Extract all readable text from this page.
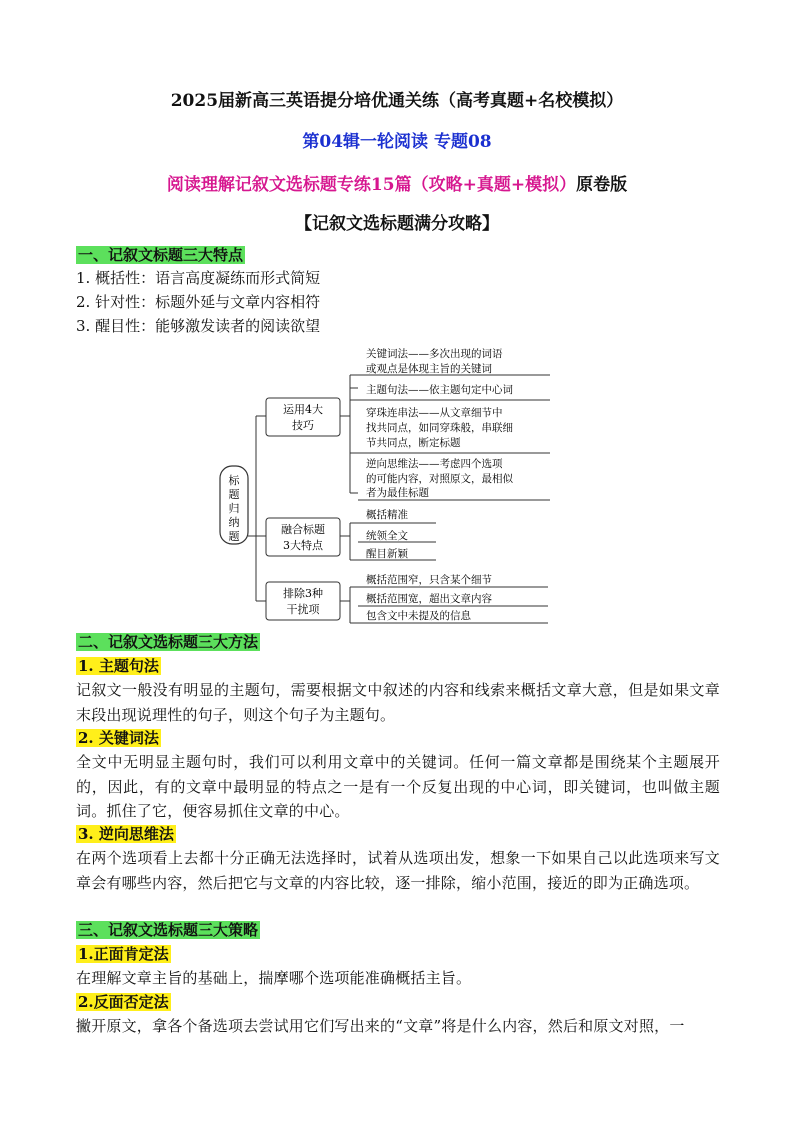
2025届新高三英语提分培优通关练（高考真题+名校模拟）
第04辑一轮阅读 专题08
阅读理解记叙文选标题专练15篇（攻略+真题+模拟）原卷版
【记叙文选标题满分攻略】
一、记叙文标题三大特点
1. 概括性：语言高度凝练而形式简短
2. 针对性：标题外延与文章内容相符
3. 醒目性：能够激发读者的阅读欲望
标
题
归
纳
题
运用4大
技巧
关键词法——多次出现的词语
或观点是体现主旨的关键词
主题句法——依主题句定中心词
穿珠连串法——从文章细节中
找共同点，如同穿珠般，串联细
节共同点，断定标题
逆向思维法——考虑四个选项
的可能内容，对照原文，最相似
者为最佳标题
融合标题
3大特点
概括精准
统领全文
醒目新颖
排除3种
干扰项
概括范围窄，只含某个细节
概括范围宽，超出文章内容
包含文中未提及的信息
二、记叙文选标题三大方法
1. 主题句法
记叙文一般没有明显的主题句，需要根据文中叙述的内容和线索来概括文章大意，但是如果文章末段出现说理性的句子，则这个句子为主题句。
2. 关键词法
全文中无明显主题句时，我们可以利用文章中的关键词。任何一篇文章都是围绕某个主题展开的，因此，有的文章中最明显的特点之一是有一个反复出现的中心词，即关键词，也叫做主题词。抓住了它，便容易抓住文章的中心。
3. 逆向思维法
在两个选项看上去都十分正确无法选择时，试着从选项出发，想象一下如果自己以此选项来写文章会有哪些内容，然后把它与文章的内容比较，逐一排除，缩小范围，接近的即为正确选项。
三、记叙文选标题三大策略
1.正面肯定法
在理解文章主旨的基础上，揣摩哪个选项能准确概括主旨。
2.反面否定法
撇开原文，拿各个备选项去尝试用它们写出来的“文章”将是什么内容，然后和原文对照，一
